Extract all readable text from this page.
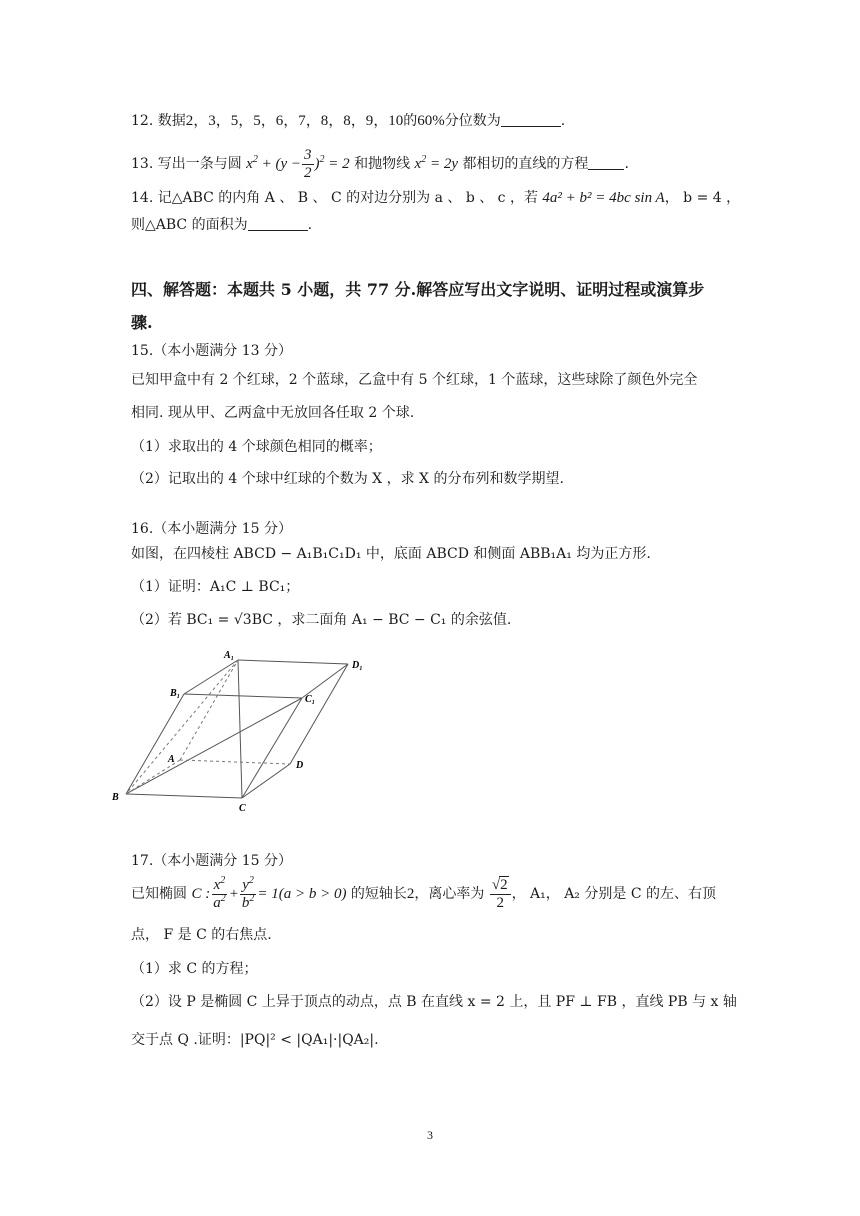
12. 数据2，3，5，5，6，7，8，8，9，10的60%分位数为	.
13. 写出一条与圆 $x^2 + (y - \frac{3}{2} )^2 = 2$ 和抛物线 $x^2 = 2y$ 都相切的直线的方程	.
14. 记△ABC 的内角 A 、 B 、 C 的对边分别为 a 、 b 、 c ，若 4a² + b² = 4bc sin A， b = 4 ，
则△ABC 的面积为	.
四、解答题：本题共 5 小题，共 77 分.解答应写出文字说明、证明过程或演算步
骤.
15.（本小题满分 13 分）
已知甲盒中有 2 个红球，2 个蓝球，乙盒中有 5 个红球，1 个蓝球，这些球除了颜色外完全
相同. 现从甲、乙两盒中无放回各任取 2 个球.
（1）求取出的 4 个球颜色相同的概率；
（2）记取出的 4 个球中红球的个数为 X ，求 X 的分布列和数学期望.
16.（本小题满分 15 分）
如图，在四棱柱 ABCD − A₁B₁C₁D₁ 中，底面 ABCD 和侧面 ABB₁A₁ 均为正方形.
（1）证明：A₁C ⊥ BC₁；
（2）若 BC₁ = √3BC ，求二面角 A₁ − BC − C₁ 的余弦值.
A₁
D₁
B₁
C₁
A
D
B
C
17.（本小题满分 15 分）
已知椭圆 C : $\frac{x^2}{a^2} + \frac{y^2}{b^2} = 1(a > b > 0)$ 的短轴长2，离心率为 $\frac{√2}{2}$ ， A₁， A₂ 分别是 C 的左、右顶
点， F 是 C 的右焦点.
（1）求 C 的方程；
（2）设 P 是椭圆 C 上异于顶点的动点，点 B 在直线 x = 2 上，且 PF ⊥ FB ，直线 PB 与 x 轴
交于点 Q .证明：|PQ|² < |QA₁|·|QA₂|.
3
